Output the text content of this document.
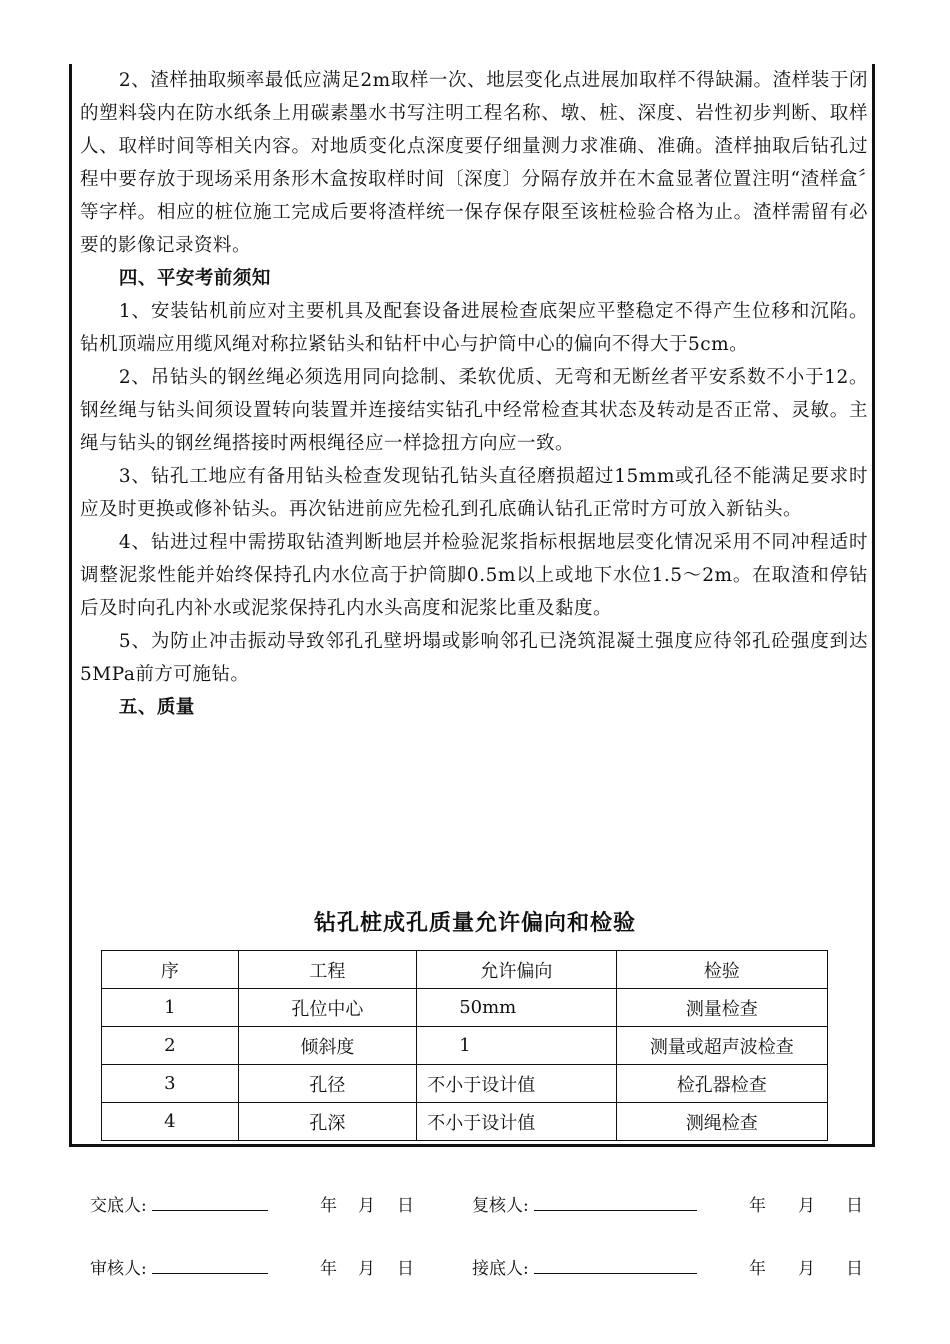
2、渣样抽取频率最低应满足2m取样一次、地层变化点进展加取样不得缺漏。渣样装于闭的塑料袋内在防水纸条上用碳素墨水书写注明工程名称、墩、桩、深度、岩性初步判断、取样人、取样时间等相关内容。对地质变化点深度要仔细量测力求准确、准确。渣样抽取后钻孔过程中要存放于现场采用条形木盒按取样时间〔深度〕分隔存放并在木盒显著位置注明“渣样盒〞等字样。相应的桩位施工完成后要将渣样统一保存保存限至该桩检验合格为止。渣样需留有必要的影像记录资料。

四、平安考前须知

1、安装钻机前应对主要机具及配套设备进展检查底架应平整稳定不得产生位移和沉陷。钻机顶端应用缆风绳对称拉紧钻头和钻杆中心与护筒中心的偏向不得大于5cm。

2、吊钻头的钢丝绳必须选用同向捻制、柔软优质、无弯和无断丝者平安系数不小于12。钢丝绳与钻头间须设置转向装置并连接结实钻孔中经常检查其状态及转动是否正常、灵敏。主绳与钻头的钢丝绳搭接时两根绳径应一样捻扭方向应一致。

3、钻孔工地应有备用钻头检查发现钻孔钻头直径磨损超过15mm或孔径不能满足要求时应及时更换或修补钻头。再次钻进前应先检孔到孔底确认钻孔正常时方可放入新钻头。

4、钻进过程中需捞取钻渣判断地层并检验泥浆指标根据地层变化情况采用不同冲程适时调整泥浆性能并始终保持孔内水位高于护筒脚0.5m以上或地下水位1.5～2m。在取渣和停钻后及时向孔内补水或泥浆保持孔内水头高度和泥浆比重及黏度。

5、为防止冲击振动导致邻孔孔壁坍塌或影响邻孔已浇筑混凝土强度应待邻孔砼强度到达5MPa前方可施钻。

五、质量
钻孔桩成孔质量允许偏向和检验
序	工程	允许偏向	检验
1	孔位中心	50mm	测量检查
2	倾斜度	1	测量或超声波检查
3	孔径	不小于设计值	检孔器检查
4	孔深	不小于设计值	测绳检查
交底人:	年 月 日	复核人:	年 月 日
审核人:	年 月 日	接底人:	年 月 日
